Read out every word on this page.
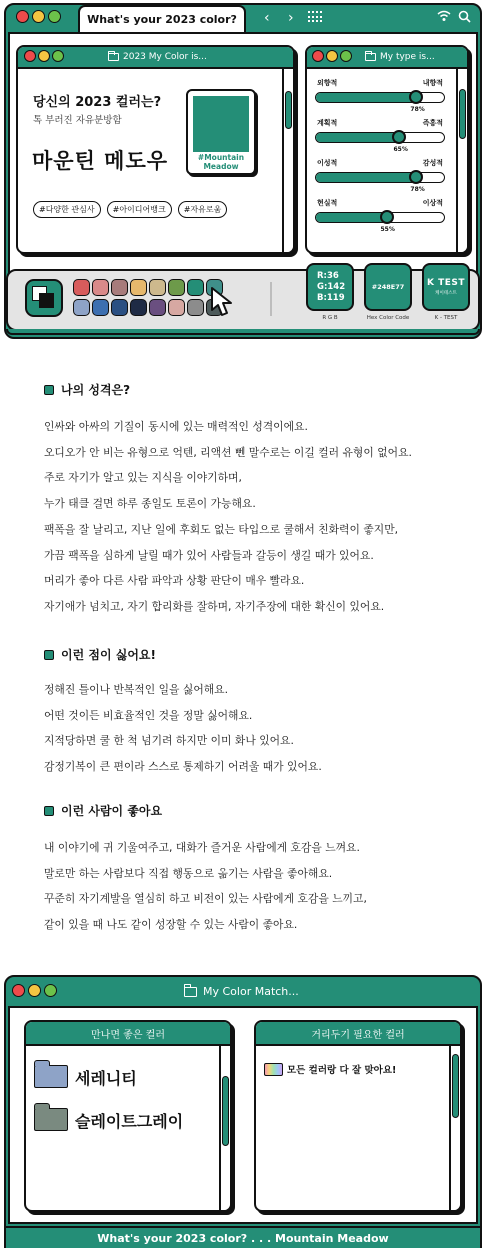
What's your 2023 color? ‹ ›
2023 My Color is...
당신의 2023 컬러는?
톡 부러진 자유분방함
마운틴 메도우	#Mountain Meadow
#다양한 관심사	#아이디어뱅크	#자유로움
My type is...
외향적	내향적
78%
계획적	즉흥적
65%
이성적	감성적
78%
현실적	이상적
55%
R:36
G:142
B:119
R G B
#248E77
Hex Color Code
K TEST
케이테스트
K - TEST
나의 성격은?
인싸와 아싸의 기질이 동시에 있는 매력적인 성격이에요.
오디오가 안 비는 유형으로 억텐, 리액션 뻰 말수로는 이길 컬러 유형이 없어요.
주로 자기가 알고 있는 지식을 이야기하며,
누가 태클 걸면 하루 종일도 토론이 가능해요.
팩폭을 잘 날리고, 지난 일에 후회도 없는 타입으로 쿨해서 친화력이 좋지만,
가끔 팩폭을 심하게 날릴 때가 있어 사람들과 갈등이 생길 때가 있어요.
머리가 좋아 다른 사람 파악과 상황 판단이 매우 빨라요.
자기애가 넘치고, 자기 합리화를 잘하며, 자기주장에 대한 확신이 있어요.
이런 점이 싫어요!
정해진 틀이나 반복적인 일을 싫어해요.
어떤 것이든 비효율적인 것을 정말 싫어해요.
지적당하면 쿨 한 척 넘기려 하지만 이미 화나 있어요.
감정기복이 큰 편이라 스스로 통제하기 어려울 때가 있어요.
이런 사람이 좋아요
내 이야기에 귀 기울여주고, 대화가 즐거운 사람에게 호감을 느껴요.
말로만 하는 사람보다 직접 행동으로 옮기는 사람을 좋아해요.
꾸준히 자기계발을 열심히 하고 비전이 있는 사람에게 호감을 느끼고,
같이 있을 때 나도 같이 성장할 수 있는 사람이 좋아요.
My Color Match...
만나면 좋은 컬러
세레니티
슬레이트그레이
거리두기 필요한 컬러
모든 컬러랑 다 잘 맞아요!
What's your 2023 color? . . . Mountain Meadow
